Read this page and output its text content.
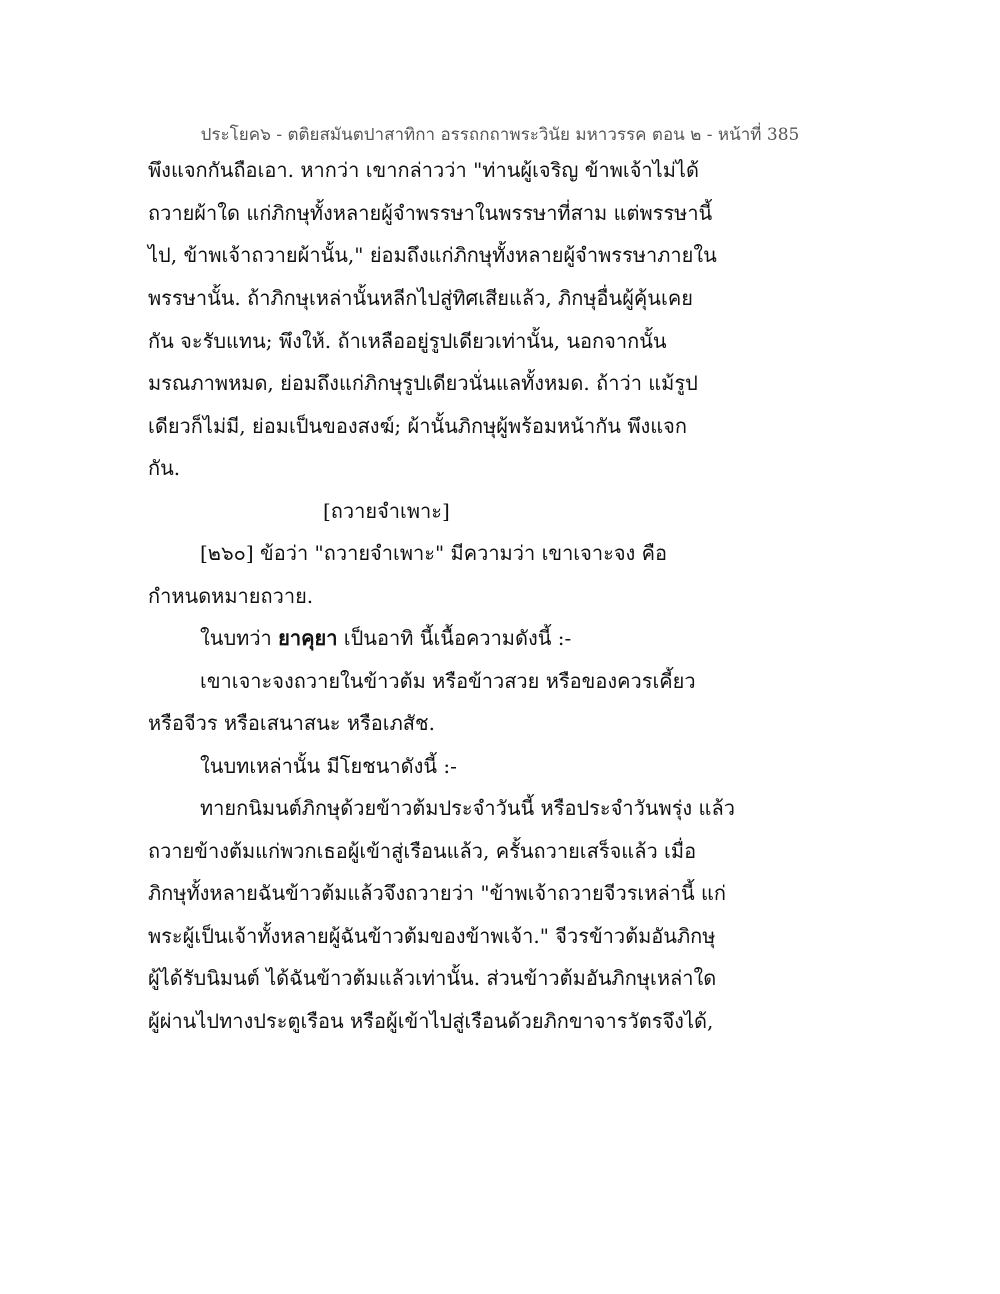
ประโยค๖ - ตติยสมันตปาสาทิกา อรรถกถาพระวินัย มหาวรรค ตอน ๒ - หน้าที่ 385
พึงแจกกันถือเอา. หากว่า เขากล่าวว่า "ท่านผู้เจริญ ข้าพเจ้าไม่ได้
ถวายผ้าใด แก่ภิกษุทั้งหลายผู้จำพรรษาในพรรษาที่สาม แต่พรรษานี้
ไป, ข้าพเจ้าถวายผ้านั้น," ย่อมถึงแก่ภิกษุทั้งหลายผู้จำพรรษาภายใน
พรรษานั้น. ถ้าภิกษุเหล่านั้นหลีกไปสู่ทิศเสียแล้ว, ภิกษุอื่นผู้คุ้นเคย
กัน จะรับแทน; พึงให้. ถ้าเหลืออยู่รูปเดียวเท่านั้น, นอกจากนั้น
มรณภาพหมด, ย่อมถึงแก่ภิกษุรูปเดียวนั่นแลทั้งหมด. ถ้าว่า แม้รูป
เดียวก็ไม่มี, ย่อมเป็นของสงฆ์; ผ้านั้นภิกษุผู้พร้อมหน้ากัน พึงแจก
กัน.
[ถวายจำเพาะ]
[๒๖๐] ข้อว่า "ถวายจำเพาะ" มีความว่า เขาเจาะจง คือ
กำหนดหมายถวาย.
ในบทว่า ยาคุยา เป็นอาทิ นี้เนื้อความดังนี้ :-
เขาเจาะจงถวายในข้าวต้ม หรือข้าวสวย หรือของควรเคี้ยว
หรือจีวร หรือเสนาสนะ หรือเภสัช.
ในบทเหล่านั้น มีโยชนาดังนี้ :-
ทายกนิมนต์ภิกษุด้วยข้าวต้มประจำวันนี้ หรือประจำวันพรุ่ง แล้ว
ถวายข้างต้มแก่พวกเธอผู้เข้าสู่เรือนแล้ว, ครั้นถวายเสร็จแล้ว เมื่อ
ภิกษุทั้งหลายฉันข้าวต้มแล้วจึงถวายว่า "ข้าพเจ้าถวายจีวรเหล่านี้ แก่
พระผู้เป็นเจ้าทั้งหลายผู้ฉันข้าวต้มของข้าพเจ้า." จีวรข้าวต้มอันภิกษุ
ผู้ได้รับนิมนต์ ได้ฉันข้าวต้มแล้วเท่านั้น. ส่วนข้าวต้มอันภิกษุเหล่าใด
ผู้ผ่านไปทางประตูเรือน หรือผู้เข้าไปสู่เรือนด้วยภิกขาจารวัตรจึงได้,
